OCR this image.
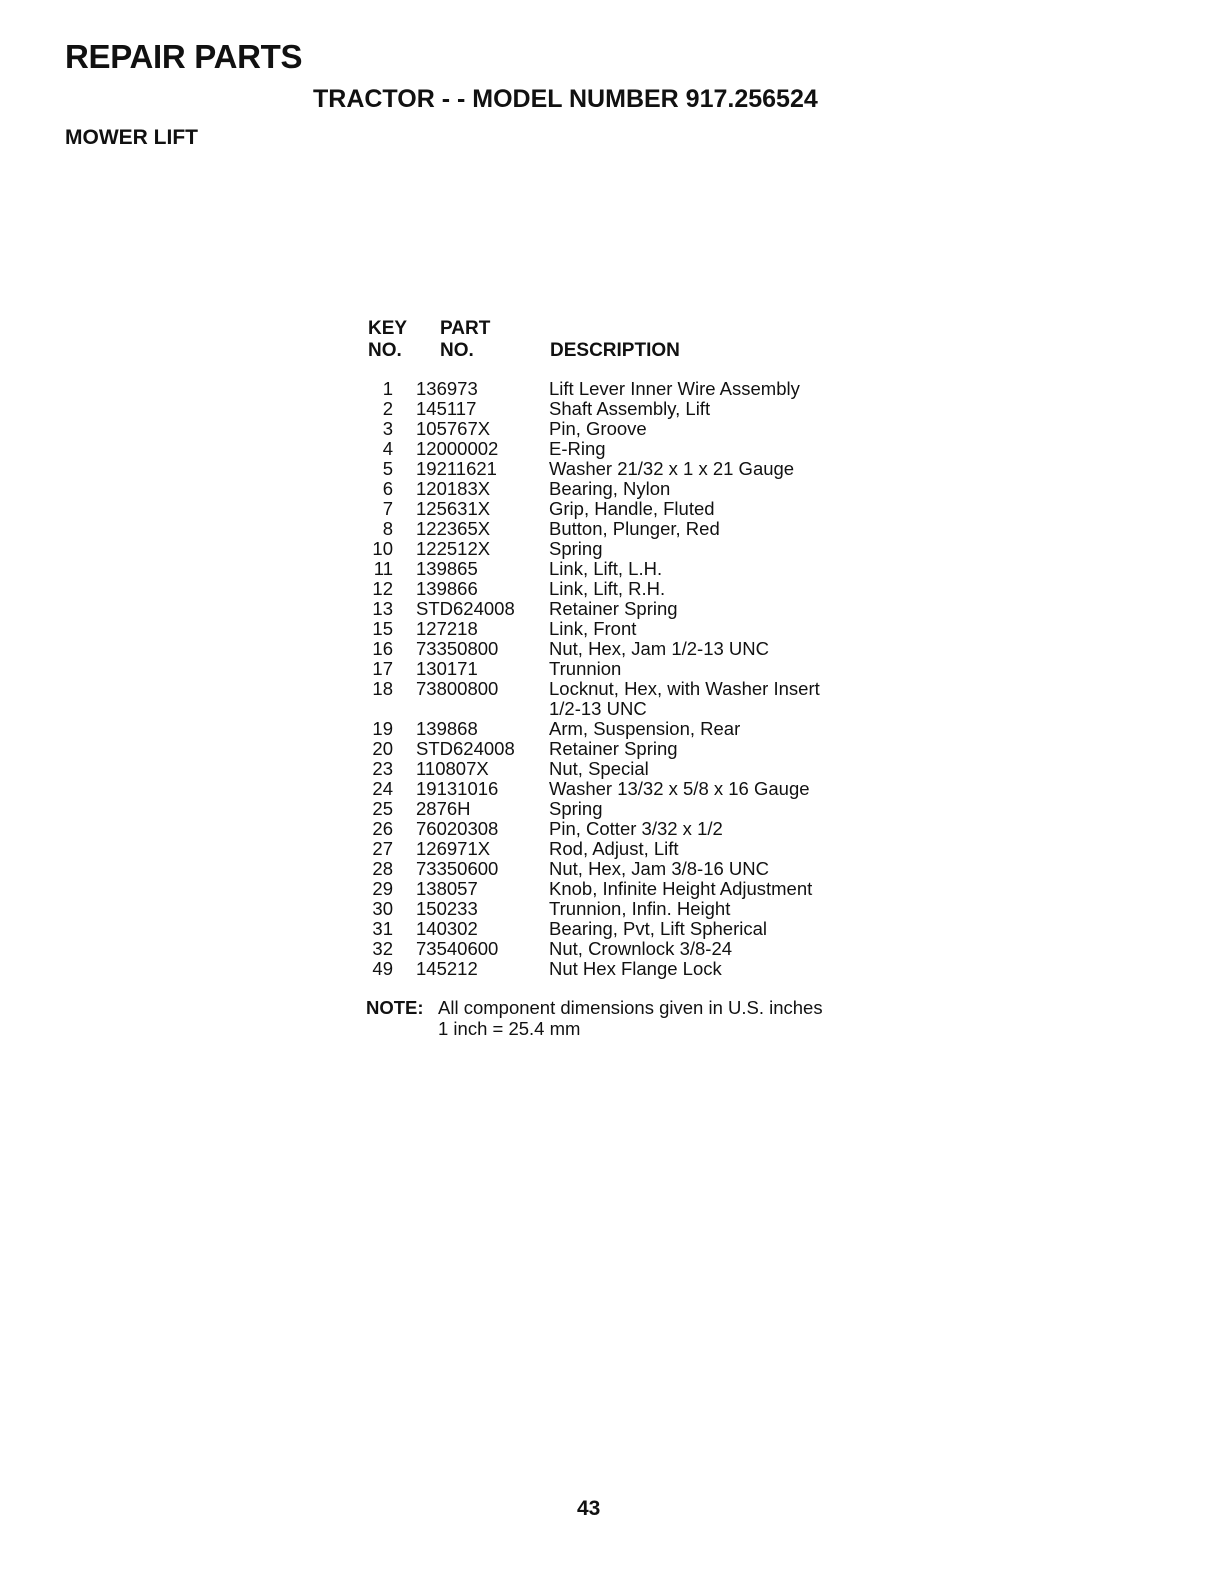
REPAIR PARTS
TRACTOR - - MODEL NUMBER 917.256524
MOWER LIFT
KEY
NO.
PART
NO.	DESCRIPTION
1	136973	Lift Lever Inner Wire Assembly
2	145117	Shaft Assembly, Lift
3	105767X	Pin, Groove
4	12000002	E-Ring
5	19211621	Washer 21/32 x 1 x 21 Gauge
6	120183X	Bearing, Nylon
7	125631X	Grip, Handle, Fluted
8	122365X	Button, Plunger, Red
10	122512X	Spring
11	139865	Link, Lift, L.H.
12	139866	Link, Lift, R.H.
13	STD624008	Retainer Spring
15	127218	Link, Front
16	73350800	Nut, Hex, Jam 1/2-13 UNC
17	130171	Trunnion
18	73800800	Locknut, Hex, with Washer Insert
1/2-13 UNC
19	139868	Arm, Suspension, Rear
20	STD624008	Retainer Spring
23	110807X	Nut, Special
24	19131016	Washer 13/32 x 5/8 x 16 Gauge
25	2876H	Spring
26	76020308	Pin, Cotter 3/32 x 1/2
27	126971X	Rod, Adjust, Lift
28	73350600	Nut, Hex, Jam 3/8-16 UNC
29	138057	Knob, Infinite Height Adjustment
30	150233	Trunnion, Infin. Height
31	140302	Bearing, Pvt, Lift Spherical
32	73540600	Nut, Crownlock 3/8-24
49	145212	Nut Hex Flange Lock
NOTE: All component dimensions given in U.S. inches
1 inch = 25.4 mm
43
